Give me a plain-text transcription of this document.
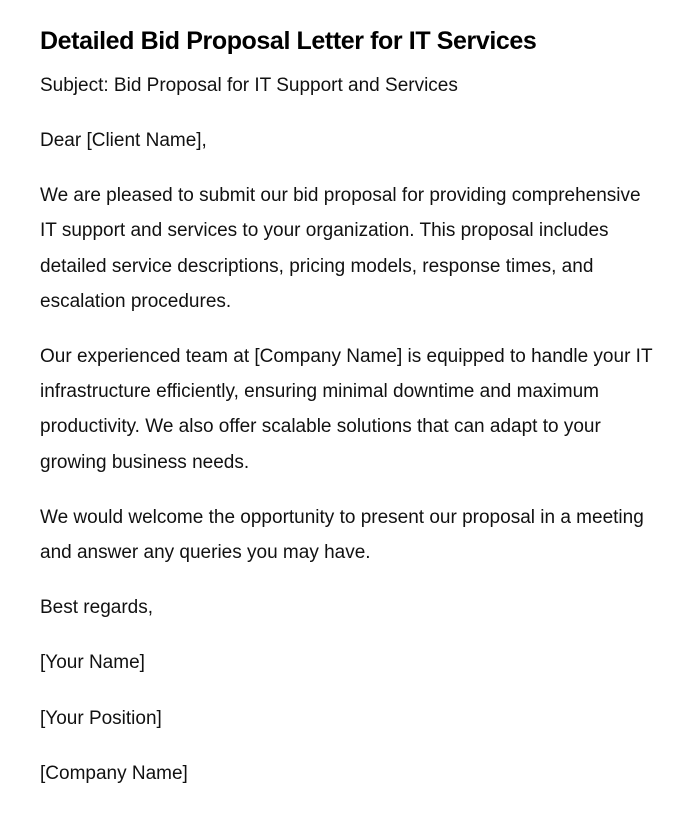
Detailed Bid Proposal Letter for IT Services
Subject: Bid Proposal for IT Support and Services

Dear [Client Name],

We are pleased to submit our bid proposal for providing comprehensive IT support and services to your organization. This proposal includes detailed service descriptions, pricing models, response times, and escalation procedures.

Our experienced team at [Company Name] is equipped to handle your IT infrastructure efficiently, ensuring minimal downtime and maximum productivity. We also offer scalable solutions that can adapt to your growing business needs.

We would welcome the opportunity to present our proposal in a meeting and answer any queries you may have.

Best regards,

[Your Name]

[Your Position]

[Company Name]
